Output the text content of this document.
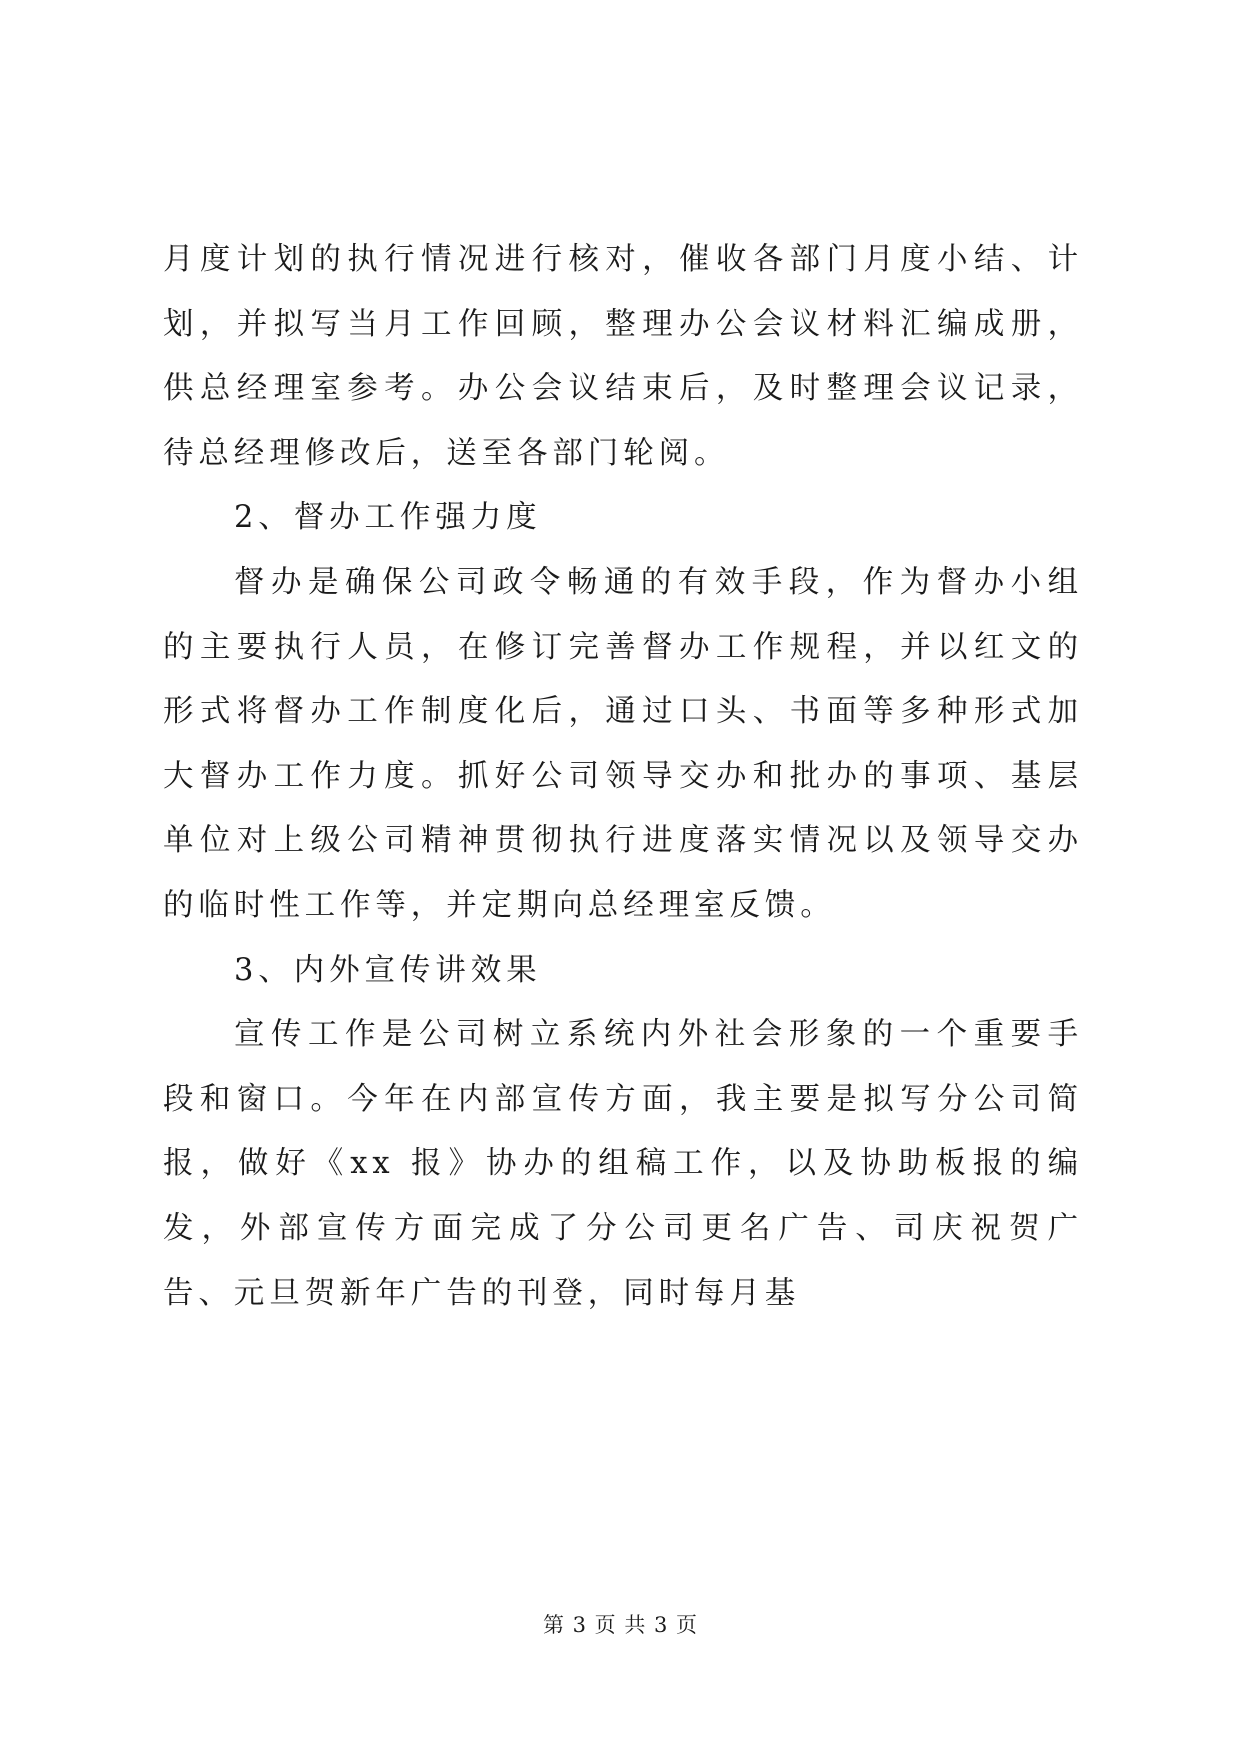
月度计划的执行情况进行核对，催收各部门月度小结、计划，并拟写当月工作回顾，整理办公会议材料汇编成册，供总经理室参考。办公会议结束后，及时整理会议记录，待总经理修改后，送至各部门轮阅。

2、督办工作强力度

督办是确保公司政令畅通的有效手段，作为督办小组的主要执行人员，在修订完善督办工作规程，并以红文的形式将督办工作制度化后，通过口头、书面等多种形式加大督办工作力度。抓好公司领导交办和批办的事项、基层单位对上级公司精神贯彻执行进度落实情况以及领导交办的临时性工作等，并定期向总经理室反馈。

3、内外宣传讲效果

宣传工作是公司树立系统内外社会形象的一个重要手段和窗口。今年在内部宣传方面，我主要是拟写分公司简报，做好《xx 报》协办的组稿工作，以及协助板报的编发，外部宣传方面完成了分公司更名广告、司庆祝贺广告、元旦贺新年广告的刊登，同时每月基

第 3 页 共 3 页
